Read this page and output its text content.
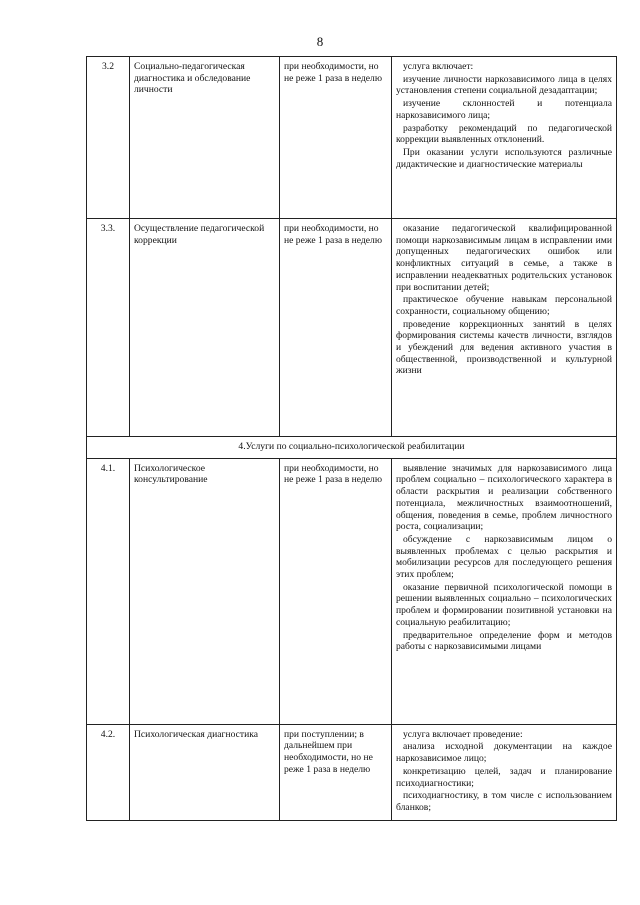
8
3.2	Социально-педагогическая диагностика и обследование личности	при необходимости, но не реже 1 раза в неделю	услуга включает:

изучение личности наркозависимого лица в целях установления степени социальной дезадаптации;

изучение склонностей и потенциала наркозависимого лица;

разработку рекомендаций по педагогической коррекции выявленных отклонений.

При оказании услуги используются различные дидактические и диагностические материалы

3.3.	Осуществление педагогической коррекции	при необходимости, но не реже 1 раза в неделю	оказание педагогической квалифицированной помощи наркозависимым лицам в исправлении ими допущенных педагогических ошибок или конфликтных ситуаций в семье, а также в исправлении неадекватных родительских установок при воспитании детей;

практическое обучение навыкам персональной сохранности, социальному общению;

проведение коррекционных занятий в целях формирования системы качеств личности, взглядов и убеждений для ведения активного участия в общественной, производственной и культурной жизни

4.Услуги по социально-психологической реабилитации			
4.1.	Психологическое консультирование	при необходимости, но не реже 1 раза в неделю	выявление значимых для наркозависимого лица проблем социально – психологического характера в области раскрытия и реализации собственного потенциала, межличностных взаимоотношений, общения, поведения в семье, проблем личностного роста, социализации;

обсуждение с наркозависимым лицом о выявленных проблемах с целью раскрытия и мобилизации ресурсов для последующего решения этих проблем;

оказание первичной психологической помощи в решении выявленных социально – психологических проблем и формировании позитивной установки на социальную реабилитацию;

предварительное определение форм и методов работы с наркозависимыми лицами

4.2.	Психологическая диагностика	при поступлении; в дальнейшем при необходимости, но не реже 1 раза в неделю	услуга включает проведение:

анализа исходной документации на каждое наркозависимое лицо;

конкретизацию целей, задач и планирование психодиагностики;

психодиагностику, в том числе с использованием бланков;
